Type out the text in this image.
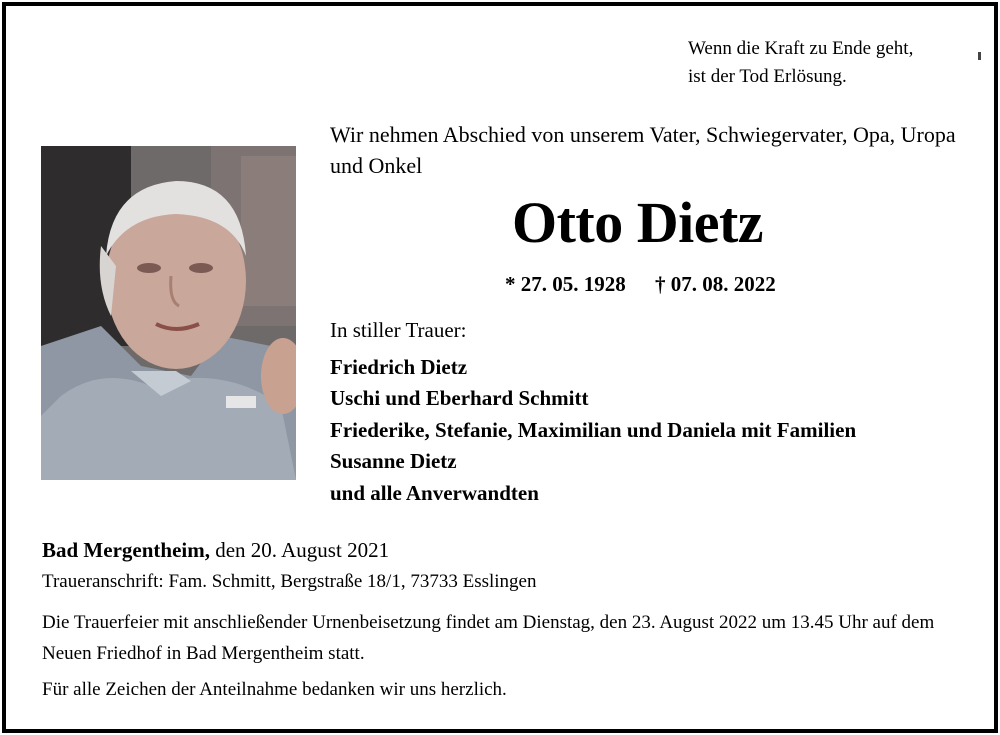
Wenn die Kraft zu Ende geht,
ist der Tod Erlösung.
Wir nehmen Abschied von unserem Vater, Schwiegervater, Opa, Uropa und Onkel
Otto Dietz
* 27. 05. 1928 † 07. 08. 2022
In stiller Trauer:
Friedrich Dietz
Uschi und Eberhard Schmitt
Friederike, Stefanie, Maximilian und Daniela mit Familien
Susanne Dietz
und alle Anverwandten
Bad Mergentheim, den 20. August 2021
Traueranschrift: Fam. Schmitt, Bergstraße 18/1, 73733 Esslingen
Die Trauerfeier mit anschließender Urnenbeisetzung findet am Dienstag, den 23. August 2022 um 13.45 Uhr auf dem Neuen Friedhof in Bad Mergentheim statt.
Für alle Zeichen der Anteilnahme bedanken wir uns herzlich.
